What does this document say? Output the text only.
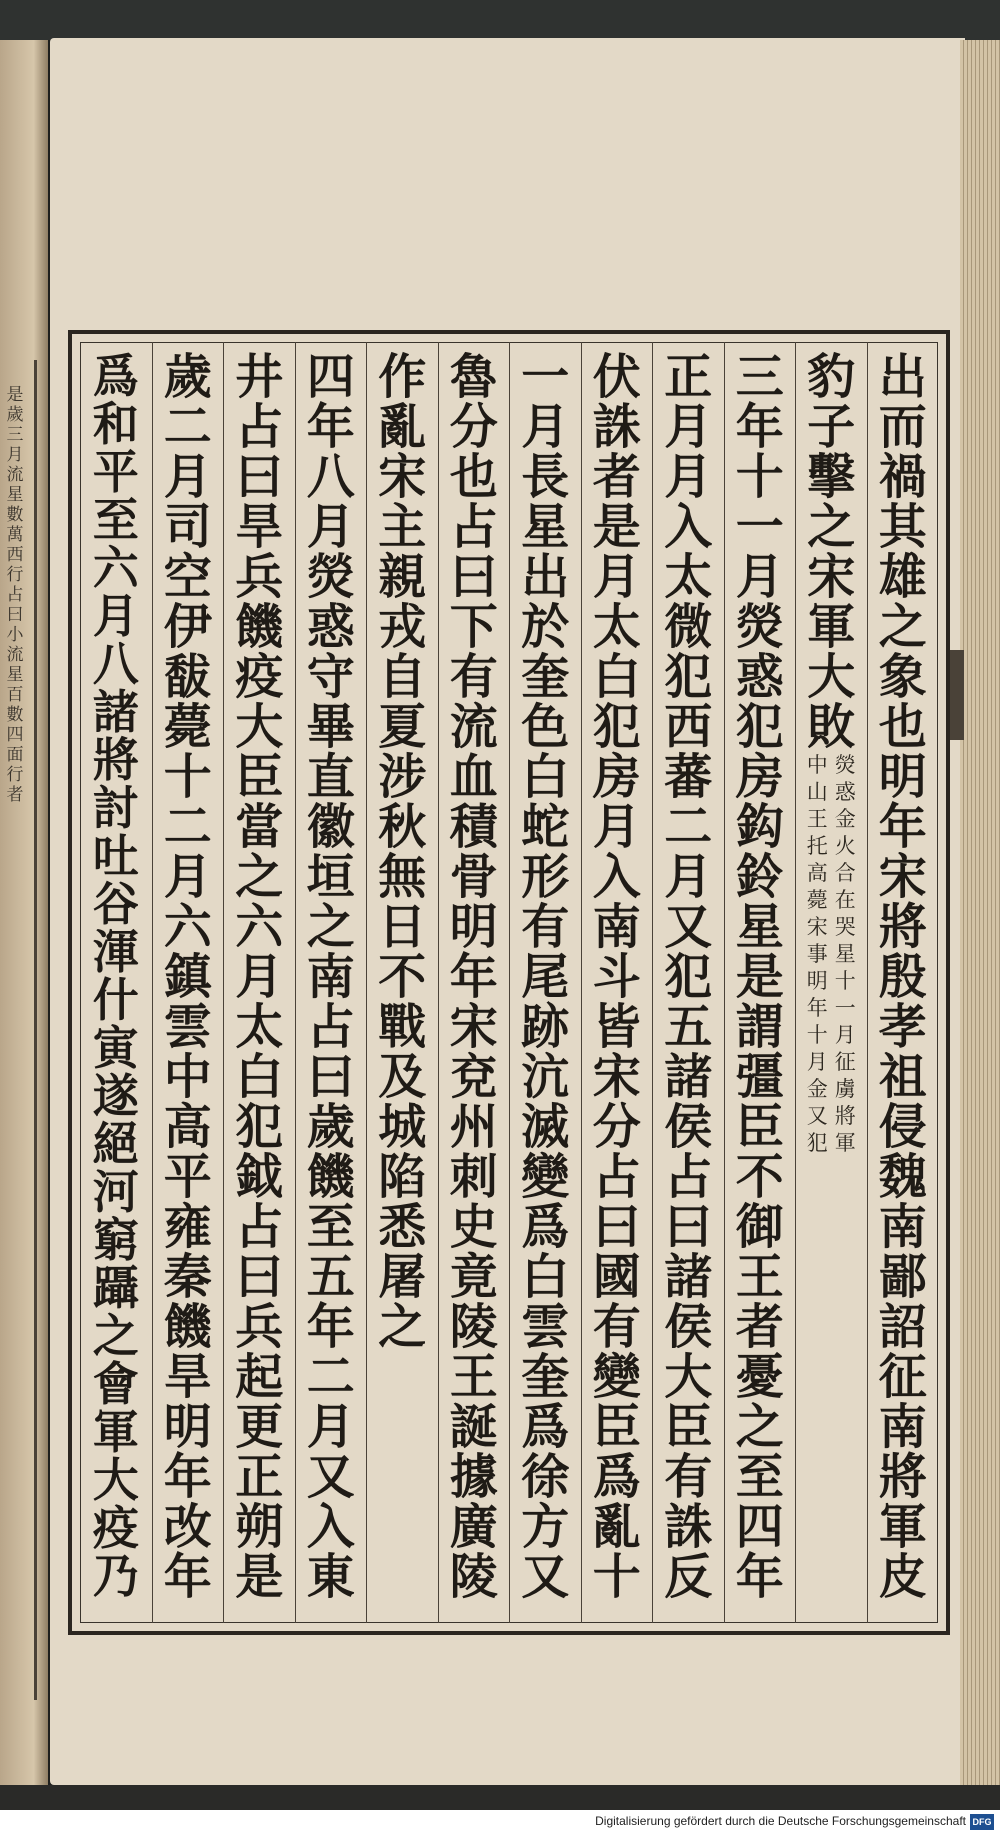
是
歲
三
月
流
星
數
萬
西
行
占
曰
小
流
星
百
數
四
面
行
者
出
而
禍
其
雄
之
象
也
明
年
宋
將
殷
孝
祖
侵
魏
南
鄙
詔
征
南
將
軍
皮
豹
子
擊
之
宋
軍
大
敗
熒
惑
金
火
合
在
哭
星
十
一
月
征
虜
將
軍
中
山
王
托
高
薨
宋
事
明
年
十
月
金
又
犯
三
年
十
一
月
熒
惑
犯
房
鈎
鈴
星
是
謂
彊
臣
不
御
王
者
憂
之
至
四
年
正
月
月
入
太
微
犯
西
蕃
二
月
又
犯
五
諸
侯
占
曰
諸
侯
大
臣
有
誅
反
伏
誅
者
是
月
太
白
犯
房
月
入
南
斗
皆
宋
分
占
曰
國
有
變
臣
爲
亂
十
一
月
長
星
出
於
奎
色
白
蛇
形
有
尾
跡
沆
滅
變
爲
白
雲
奎
爲
徐
方
又
魯
分
也
占
曰
下
有
流
血
積
骨
明
年
宋
兗
州
刺
史
竟
陵
王
誕
據
廣
陵
作
亂
宋
主
親
戎
自
夏
涉
秋
無
日
不
戰
及
城
陷
悉
屠
之
四
年
八
月
熒
惑
守
畢
直
徽
垣
之
南
占
曰
歲
饑
至
五
年
二
月
又
入
東
井
占
曰
旱
兵
饑
疫
大
臣
當
之
六
月
太
白
犯
鉞
占
曰
兵
起
更
正
朔
是
歲
二
月
司
空
伊
馛
薨
十
二
月
六
鎮
雲
中
高
平
雍
秦
饑
旱
明
年
改
年
爲
和
平
至
六
月
八
諸
將
討
吐
谷
渾
什
寅
遂
絕
河
窮
躡
之
會
軍
大
疫
乃
Digitalisierung gefördert durch die Deutsche Forschungsgemeinschaft DFG
